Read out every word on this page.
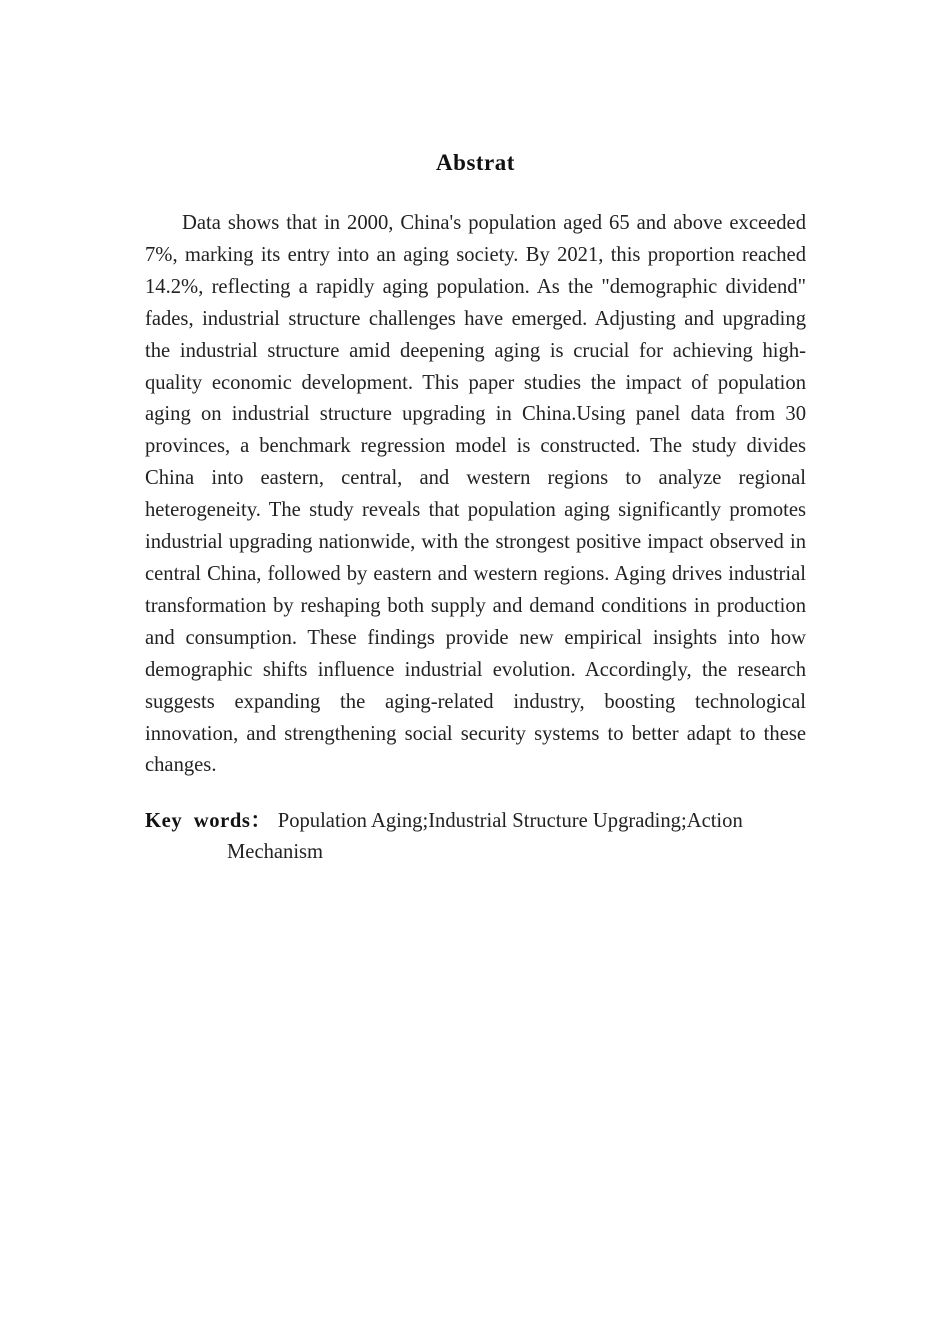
Abstrat

Data shows that in 2000, China's population aged 65 and above exceeded 7%, marking its entry into an aging society. By 2021, this proportion reached 14.2%, reflecting a rapidly aging population. As the "demographic dividend" fades, industrial structure challenges have emerged. Adjusting and upgrading the industrial structure amid deepening aging is crucial for achieving high-quality economic development. This paper studies the impact of population aging on industrial structure upgrading in China.Using panel data from 30 provinces, a benchmark regression model is constructed. The study divides China into eastern, central, and western regions to analyze regional heterogeneity. The study reveals that population aging significantly promotes industrial upgrading nationwide, with the strongest positive impact observed in central China, followed by eastern and western regions. Aging drives industrial transformation by reshaping both supply and demand conditions in production and consumption. These findings provide new empirical insights into how demographic shifts influence industrial evolution. Accordingly, the research suggests expanding the aging-related industry, boosting technological innovation, and strengthening social security systems to better adapt to these changes.

Key  words： Population Aging;Industrial Structure Upgrading;Action Mechanism
